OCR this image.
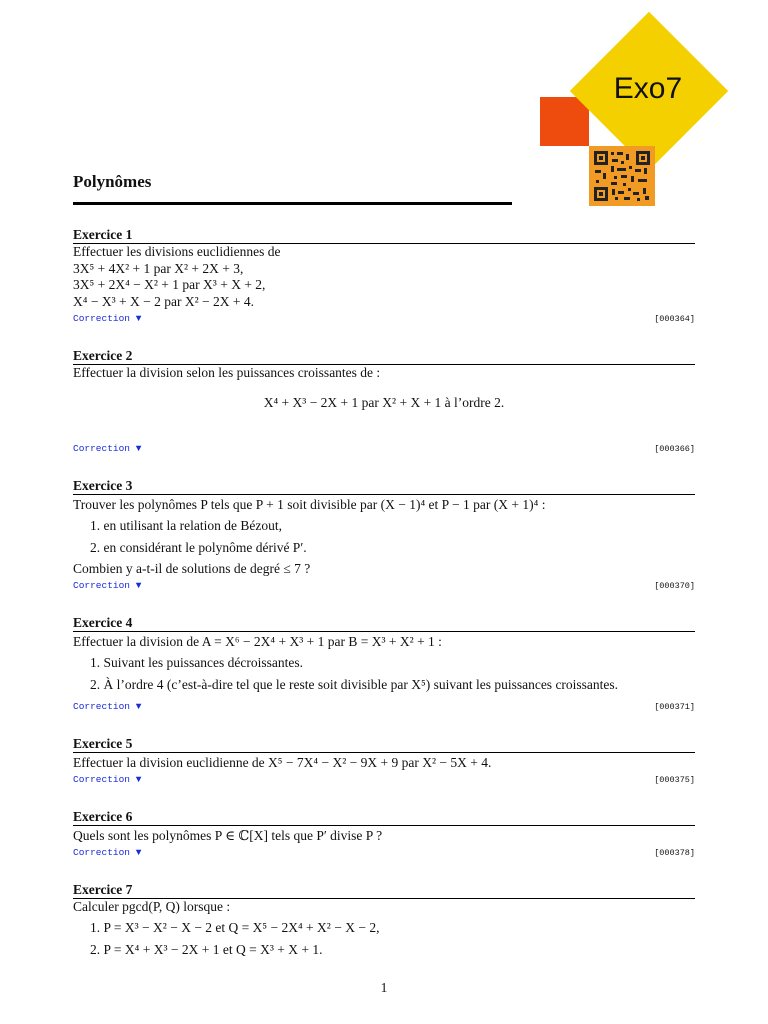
Exo7
Polynômes
Exercice 1
Effectuer les divisions euclidiennes de
3X⁵ + 4X² + 1 par X² + 2X + 3,
3X⁵ + 2X⁴ − X² + 1 par X³ + X + 2,
X⁴ − X³ + X − 2 par X² − 2X + 4.
Correction ▼	[000364]
Exercice 2
Effectuer la division selon les puissances croissantes de :
X⁴ + X³ − 2X + 1 par X² + X + 1 à l’ordre 2.
Correction ▼	[000366]
Exercice 3
Trouver les polynômes P tels que P + 1 soit divisible par (X − 1)⁴ et P − 1 par (X + 1)⁴ :
1. en utilisant la relation de Bézout,
2. en considérant le polynôme dérivé P′.
Combien y a-t-il de solutions de degré ≤ 7 ?
Correction ▼	[000370]
Exercice 4
Effectuer la division de A = X⁶ − 2X⁴ + X³ + 1 par B = X³ + X² + 1 :
1. Suivant les puissances décroissantes.
2. À l’ordre 4 (c’est-à-dire tel que le reste soit divisible par X⁵) suivant les puissances croissantes.
Correction ▼	[000371]
Exercice 5
Effectuer la division euclidienne de X⁵ − 7X⁴ − X² − 9X + 9 par X² − 5X + 4.
Correction ▼	[000375]
Exercice 6
Quels sont les polynômes P ∈ ℂ[X] tels que P′ divise P ?
Correction ▼	[000378]
Exercice 7
Calculer pgcd(P, Q) lorsque :
1. P = X³ − X² − X − 2 et Q = X⁵ − 2X⁴ + X² − X − 2,
2. P = X⁴ + X³ − 2X + 1 et Q = X³ + X + 1.
1
